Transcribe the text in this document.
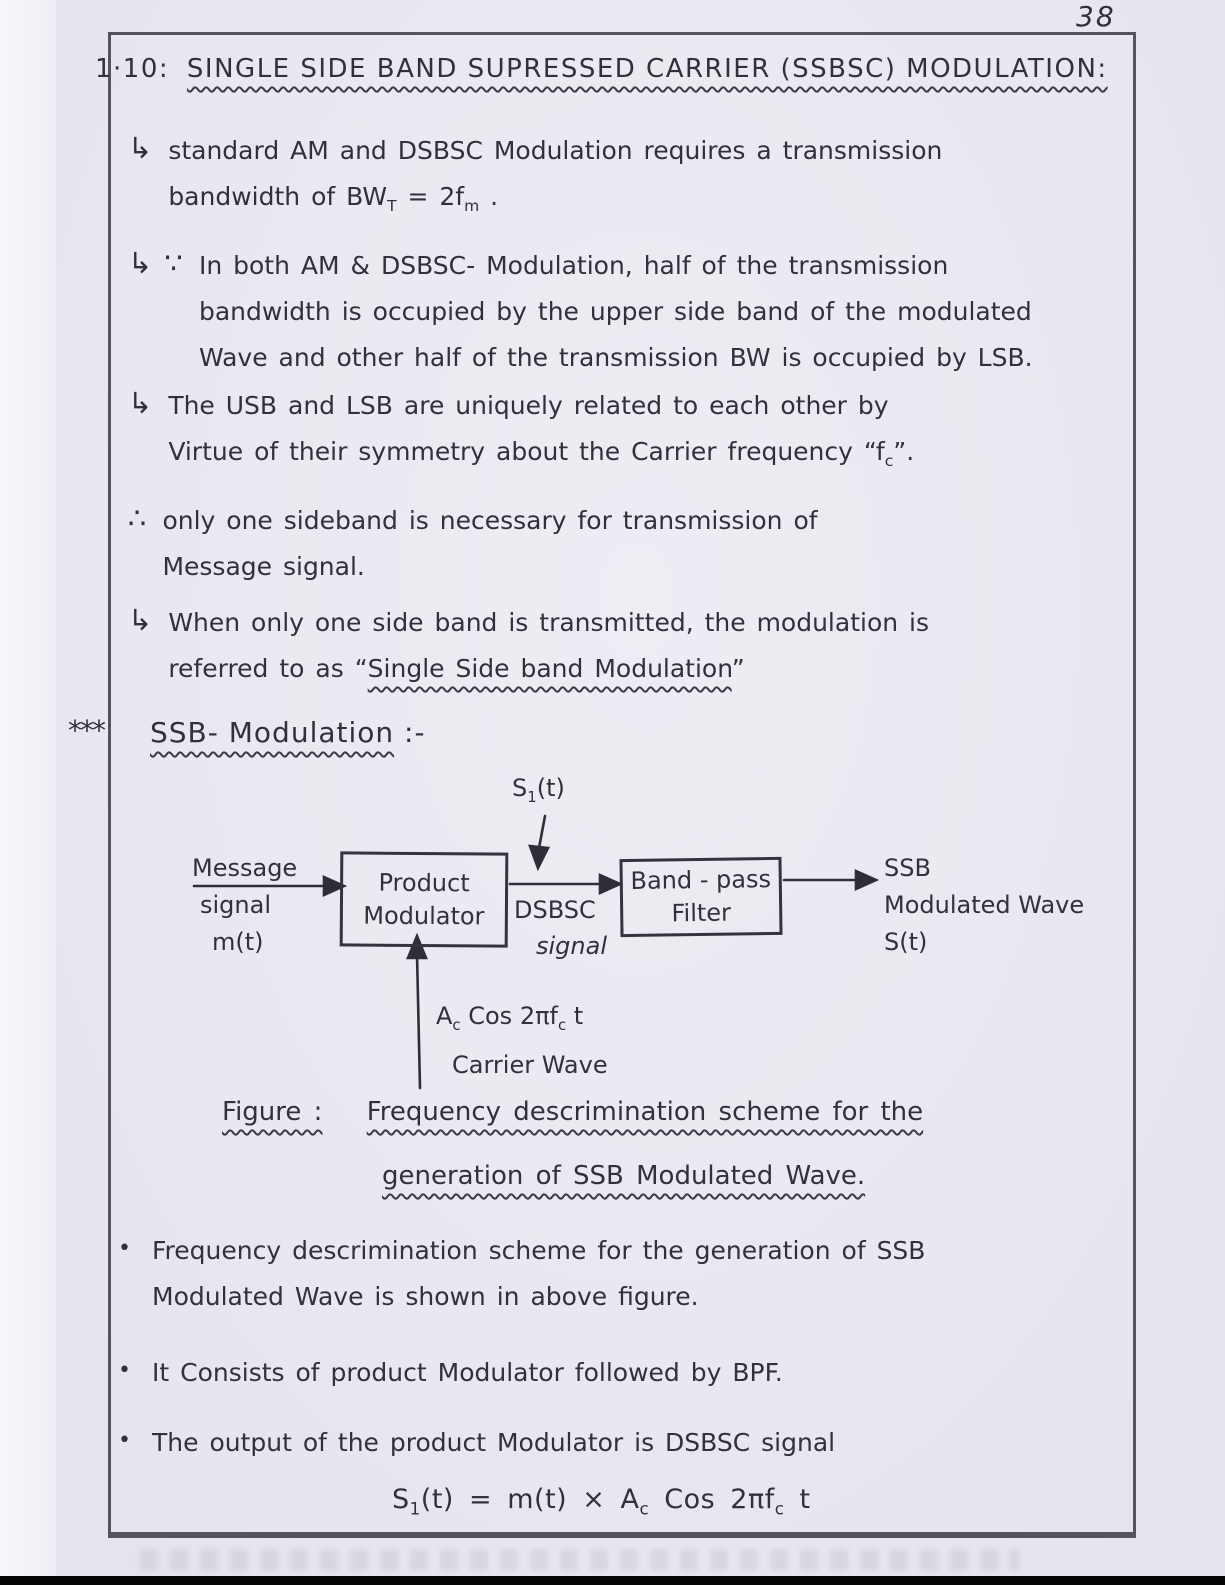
38
1·10: SINGLE SIDE BAND SUPRESSED CARRIER (SSBSC) MODULATION:
↳ standard AM and DSBSC Modulation requires a transmission
bandwidth of $BW_T = 2f_m$ .
↳ ∵ In both AM & DSBSC- Modulation, half of the transmission
bandwidth is occupied by the upper side band of the modulated
Wave and other half of the transmission BW is occupied by LSB.
↳ The USB and LSB are uniquely related to each other by
Virtue of their symmetry about the Carrier frequency “$f_c$”.
∴ only one sideband is necessary for transmission of
Message signal.
↳ When only one side band is transmitted, the modulation is
referred to as “Single Side band Modulation”
*** SSB- Modulation :-
$S_1(t)$
Message
signal
m(t)
Product
Modulator DSBSC
signal
Band - pass
Filter
SSB
Modulated Wave
S(t)
$A_c$ Cos $2\pi f_c$ t
Carrier Wave
Figure : Frequency descrimination scheme for the
generation of SSB Modulated Wave.
• Frequency descrimination scheme for the generation of SSB
Modulated Wave is shown in above figure.
• It Consists of product Modulator followed by BPF.
• The output of the product Modulator is DSBSC signal
$S_1(t) = m(t) \times A_c$ Cos $2\pi f_c$ t
